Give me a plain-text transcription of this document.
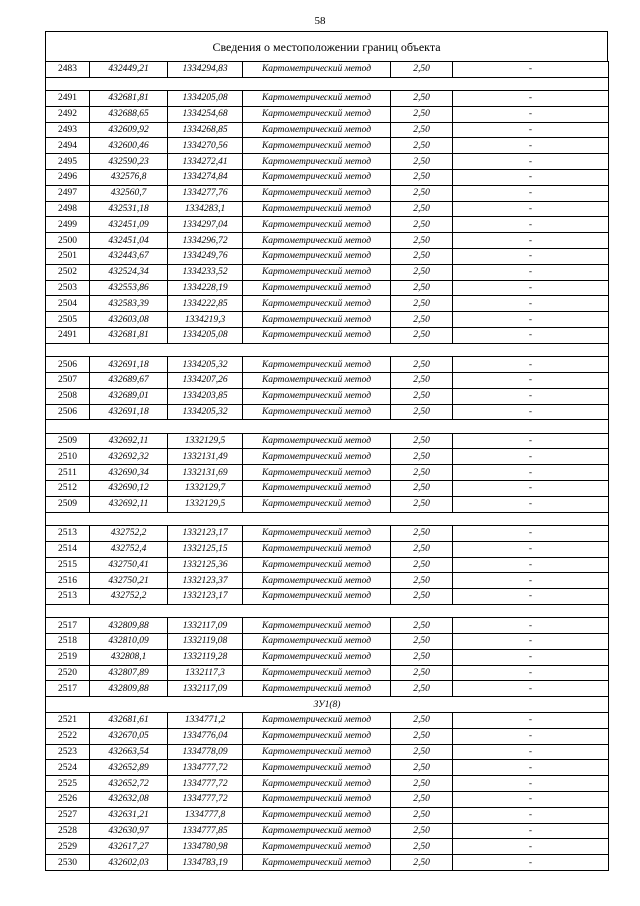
58
Сведения о местоположении границ объекта
2483	432449,21	1334294,83	Картометрический метод	2,50	-

2491	432681,81	1334205,08	Картометрический метод	2,50	-
2492	432688,65	1334254,68	Картометрический метод	2,50	-
2493	432609,92	1334268,85	Картометрический метод	2,50	-
2494	432600,46	1334270,56	Картометрический метод	2,50	-
2495	432590,23	1334272,41	Картометрический метод	2,50	-
2496	432576,8	1334274,84	Картометрический метод	2,50	-
2497	432560,7	1334277,76	Картометрический метод	2,50	-
2498	432531,18	1334283,1	Картометрический метод	2,50	-
2499	432451,09	1334297,04	Картометрический метод	2,50	-
2500	432451,04	1334296,72	Картометрический метод	2,50	-
2501	432443,67	1334249,76	Картометрический метод	2,50	-
2502	432524,34	1334233,52	Картометрический метод	2,50	-
2503	432553,86	1334228,19	Картометрический метод	2,50	-
2504	432583,39	1334222,85	Картометрический метод	2,50	-
2505	432603,08	1334219,3	Картометрический метод	2,50	-
2491	432681,81	1334205,08	Картометрический метод	2,50	-

2506	432691,18	1334205,32	Картометрический метод	2,50	-
2507	432689,67	1334207,26	Картометрический метод	2,50	-
2508	432689,01	1334203,85	Картометрический метод	2,50	-
2506	432691,18	1334205,32	Картометрический метод	2,50	-

2509	432692,11	1332129,5	Картометрический метод	2,50	-
2510	432692,32	1332131,49	Картометрический метод	2,50	-
2511	432690,34	1332131,69	Картометрический метод	2,50	-
2512	432690,12	1332129,7	Картометрический метод	2,50	-
2509	432692,11	1332129,5	Картометрический метод	2,50	-

2513	432752,2	1332123,17	Картометрический метод	2,50	-
2514	432752,4	1332125,15	Картометрический метод	2,50	-
2515	432750,41	1332125,36	Картометрический метод	2,50	-
2516	432750,21	1332123,37	Картометрический метод	2,50	-
2513	432752,2	1332123,17	Картометрический метод	2,50	-

2517	432809,88	1332117,09	Картометрический метод	2,50	-
2518	432810,09	1332119,08	Картометрический метод	2,50	-
2519	432808,1	1332119,28	Картометрический метод	2,50	-
2520	432807,89	1332117,3	Картометрический метод	2,50	-
2517	432809,88	1332117,09	Картометрический метод	2,50	-
ЗУ1(8)					
2521	432681,61	1334771,2	Картометрический метод	2,50	-
2522	432670,05	1334776,04	Картометрический метод	2,50	-
2523	432663,54	1334778,09	Картометрический метод	2,50	-
2524	432652,89	1334777,72	Картометрический метод	2,50	-
2525	432652,72	1334777,72	Картометрический метод	2,50	-
2526	432632,08	1334777,72	Картометрический метод	2,50	-
2527	432631,21	1334777,8	Картометрический метод	2,50	-
2528	432630,97	1334777,85	Картометрический метод	2,50	-
2529	432617,27	1334780,98	Картометрический метод	2,50	-
2530	432602,03	1334783,19	Картометрический метод	2,50	-
